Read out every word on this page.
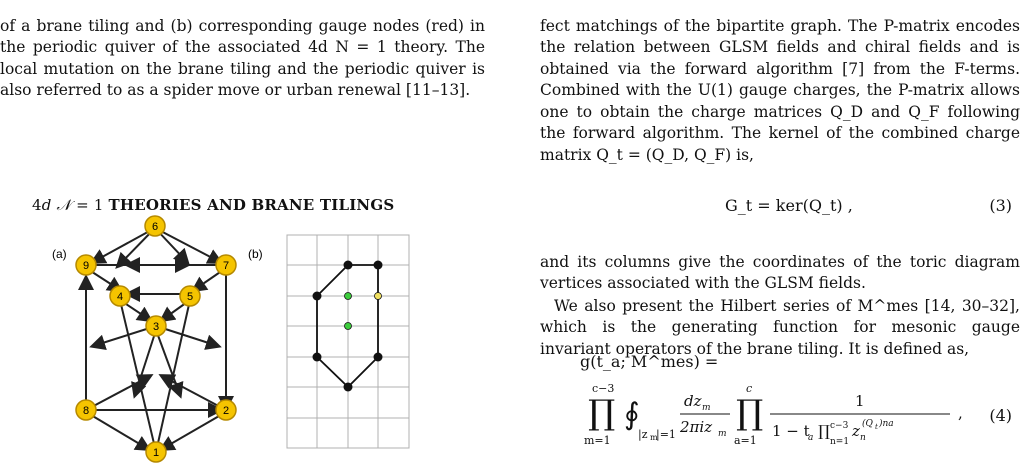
of a brane tiling and (b) corresponding gauge nodes (red) in the periodic quiver of the associated 4d N = 1 theory. The local mutation on the brane tiling and the periodic quiver is also referred to as a spider move or urban renewal [11–13].

4d 𝒩 = 1 THEORIES AND BRANE TILINGS
(a)	(b)
6
9	7
4	5
3
8	2
1

fect matchings of the bipartite graph. The P-matrix encodes the relation between GLSM fields and chiral fields and is obtained via the forward algorithm [7] from the F-terms. Combined with the U(1) gauge charges, the P-matrix allows one to obtain the charge matrices Q_D and Q_F following the forward algorithm. The kernel of the combined charge matrix Q_t = (Q_D, Q_F) is,

G_t = ker(Q_t) ,	(3)

and its columns give the coordinates of the toric diagram vertices associated with the GLSM fields.

We also present the Hilbert series of M^mes [14, 30–32], which is the generating function for mesonic gauge invariant operators of the brane tiling. It is defined as,

g(t_a; M^mes) =
c−3
∏
m=1
∮
|z m
|=1
dz m
2πiz m
c
∏
a=1
1
1 − t
a ∏ c−3
n=1
z n
(Q t )na
, (4)
